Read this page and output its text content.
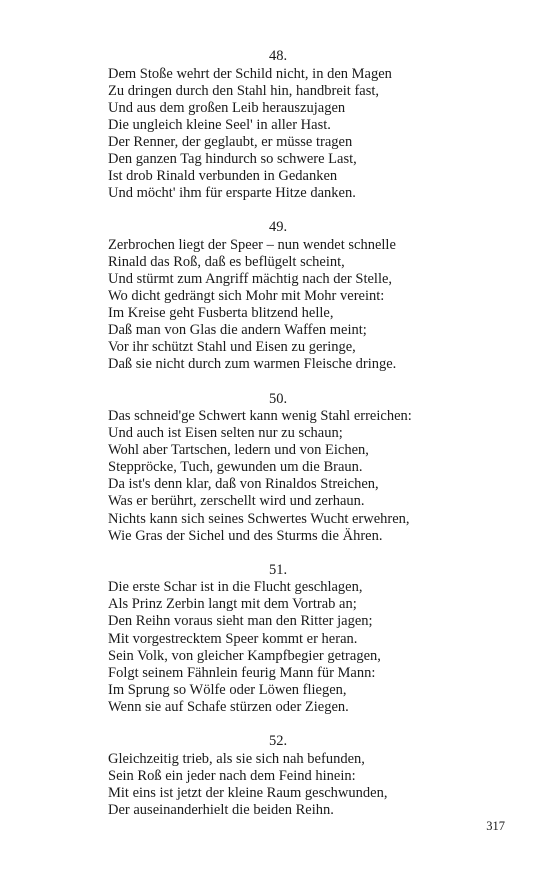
48.
Dem Stoße wehrt der Schild nicht, in den Magen
Zu dringen durch den Stahl hin, handbreit fast,
Und aus dem großen Leib herauszujagen
Die ungleich kleine Seel' in aller Hast.
Der Renner, der geglaubt, er müsse tragen
Den ganzen Tag hindurch so schwere Last,
Ist drob Rinald verbunden in Gedanken
Und möcht' ihm für ersparte Hitze danken.
49.
Zerbrochen liegt der Speer – nun wendet schnelle
Rinald das Roß, daß es beflügelt scheint,
Und stürmt zum Angriff mächtig nach der Stelle,
Wo dicht gedrängt sich Mohr mit Mohr vereint:
Im Kreise geht Fusberta blitzend helle,
Daß man von Glas die andern Waffen meint;
Vor ihr schützt Stahl und Eisen zu geringe,
Daß sie nicht durch zum warmen Fleische dringe.
50.
Das schneid'ge Schwert kann wenig Stahl erreichen:
Und auch ist Eisen selten nur zu schaun;
Wohl aber Tartschen, ledern und von Eichen,
Steppröcke, Tuch, gewunden um die Braun.
Da ist's denn klar, daß von Rinaldos Streichen,
Was er berührt, zerschellt wird und zerhaun.
Nichts kann sich seines Schwertes Wucht erwehren,
Wie Gras der Sichel und des Sturms die Ähren.
51.
Die erste Schar ist in die Flucht geschlagen,
Als Prinz Zerbin langt mit dem Vortrab an;
Den Reihn voraus sieht man den Ritter jagen;
Mit vorgestrecktem Speer kommt er heran.
Sein Volk, von gleicher Kampfbegier getragen,
Folgt seinem Fähnlein feurig Mann für Mann:
Im Sprung so Wölfe oder Löwen fliegen,
Wenn sie auf Schafe stürzen oder Ziegen.
52.
Gleichzeitig trieb, als sie sich nah befunden,
Sein Roß ein jeder nach dem Feind hinein:
Mit eins ist jetzt der kleine Raum geschwunden,
Der auseinanderhielt die beiden Reihn.
317
